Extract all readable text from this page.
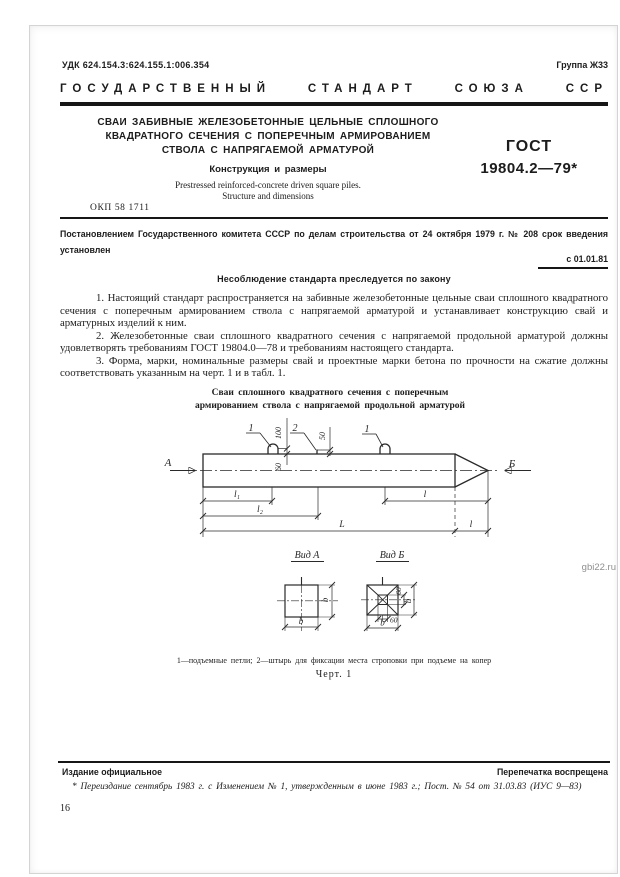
УДК 624.154.3:624.155.1:006.354	Группа Ж33
ГОСУДАРСТВЕННЫЙ СТАНДАРТ СОЮЗА ССР
СВАИ ЗАБИВНЫЕ ЖЕЛЕЗОБЕТОННЫЕ ЦЕЛЬНЫЕ СПЛОШНОГО
КВАДРАТНОГО СЕЧЕНИЯ С ПОПЕРЕЧНЫМ АРМИРОВАНИЕМ
СТВОЛА С НАПРЯГАЕМОЙ АРМАТУРОЙ
Конструкция и размеры
Prestressed reinforced-concrete driven square piles.
Structure and dimensions
ГОСТ
19804.2—79*
ОКП 58 1711
Постановлением Государственного комитета СССР по делам строительства от 24 октября 1979 г. № 208 срок введения
установлен
с 01.01.81
Несоблюдение стандарта преследуется по закону

1. Настоящий стандарт распространяется на забивные железобетонные цельные сваи сплошного квадратного сечения с поперечным армированием ствола с напрягаемой арматурой и устанавливает конструкцию свай и арматурных изделий к ним.

2. Железобетонные сваи сплошного квадратного сечения с напрягаемой продольной арматурой должны удовлетворять требованиям ГОСТ 19804.0—78 и требованиям настоящего стандарта.

3. Форма, марки, номинальные размеры свай и проектные марки бетона по прочности на сжатие должны соответствовать указанным на черт. 1 и в табл. 1.

Сваи сплошного квадратного сечения с поперечным
армированием ствола с напрягаемой продольной арматурой
1	2	1
100
60
50
А	Б
l₁	l
l₂
L	l
Вид А
b
b
Вид Б
60
b
60
b
1—подъемные петли; 2—штырь для фиксации места строповки при подъеме на копер
Черт. 1
gbi22.ru
Издание официальное	Перепечатка воспрещена
* Переиздание сентябрь 1983 г. с Изменением № 1, утвержденным в июне 1983 г.; Пост. № 54 от 31.03.83 (ИУС 9—83)
16
